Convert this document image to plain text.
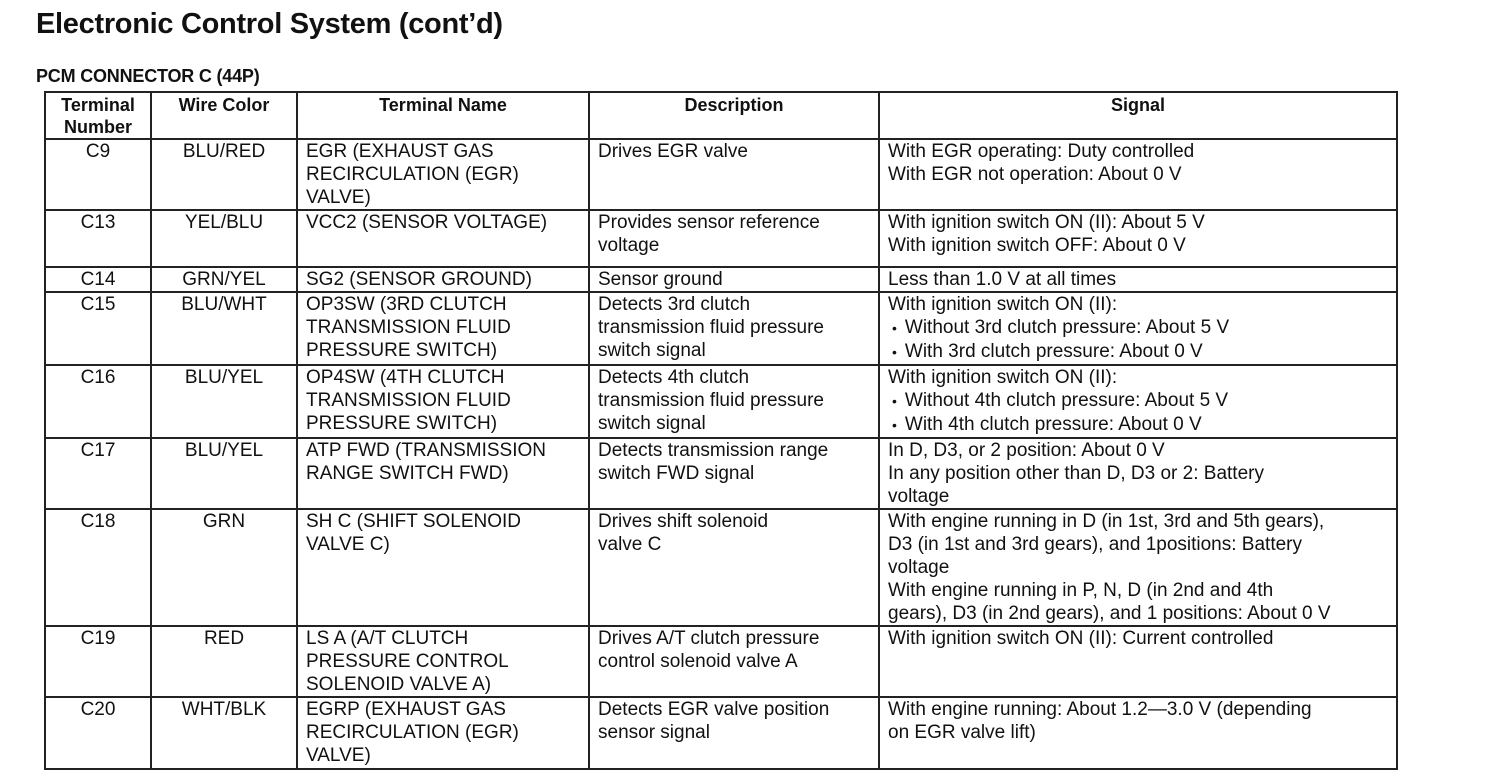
Electronic Control System (cont’d)
PCM CONNECTOR C (44P)
Terminal Number	Wire Color	Terminal Name	Description	Signal
C9	BLU/RED	EGR (EXHAUST GAS
RECIRCULATION (EGR)
VALVE)	Drives EGR valve	With EGR operating: Duty controlled
With EGR not operation: About 0 V

C13	YEL/BLU	VCC2 (SENSOR VOLTAGE)	Provides sensor reference
voltage	With ignition switch ON (II): About 5 V
With ignition switch OFF: About 0 V

C14	GRN/YEL	SG2 (SENSOR GROUND)	Sensor ground	Less than 1.0 V at all times

C15	BLU/WHT	OP3SW (3RD CLUTCH
TRANSMISSION FLUID
PRESSURE SWITCH)	Detects 3rd clutch
transmission fluid pressure
switch signal	With ignition switch ON (II):
• Without 3rd clutch pressure: About 5 V
• With 3rd clutch pressure: About 0 V

C16	BLU/YEL	OP4SW (4TH CLUTCH
TRANSMISSION FLUID
PRESSURE SWITCH)	Detects 4th clutch
transmission fluid pressure
switch signal	With ignition switch ON (II):
• Without 4th clutch pressure: About 5 V
• With 4th clutch pressure: About 0 V

C17	BLU/YEL	ATP FWD (TRANSMISSION
RANGE SWITCH FWD)	Detects transmission range
switch FWD signal	In D, D3, or 2 position: About 0 V
In any position other than D, D3 or 2: Battery
voltage

C18	GRN	SH C (SHIFT SOLENOID
VALVE C)	Drives shift solenoid
valve C	With engine running in D (in 1st, 3rd and 5th gears),
D3 (in 1st and 3rd gears), and 1positions: Battery
voltage
With engine running in P, N, D (in 2nd and 4th
gears), D3 (in 2nd gears), and 1 positions: About 0 V

C19	RED	LS A (A/T CLUTCH
PRESSURE CONTROL
SOLENOID VALVE A)	Drives A/T clutch pressure
control solenoid valve A	With ignition switch ON (II): Current controlled

C20	WHT/BLK	EGRP (EXHAUST GAS
RECIRCULATION (EGR)
VALVE)	Detects EGR valve position
sensor signal	With engine running: About 1.2—3.0 V (depending
on EGR valve lift)
